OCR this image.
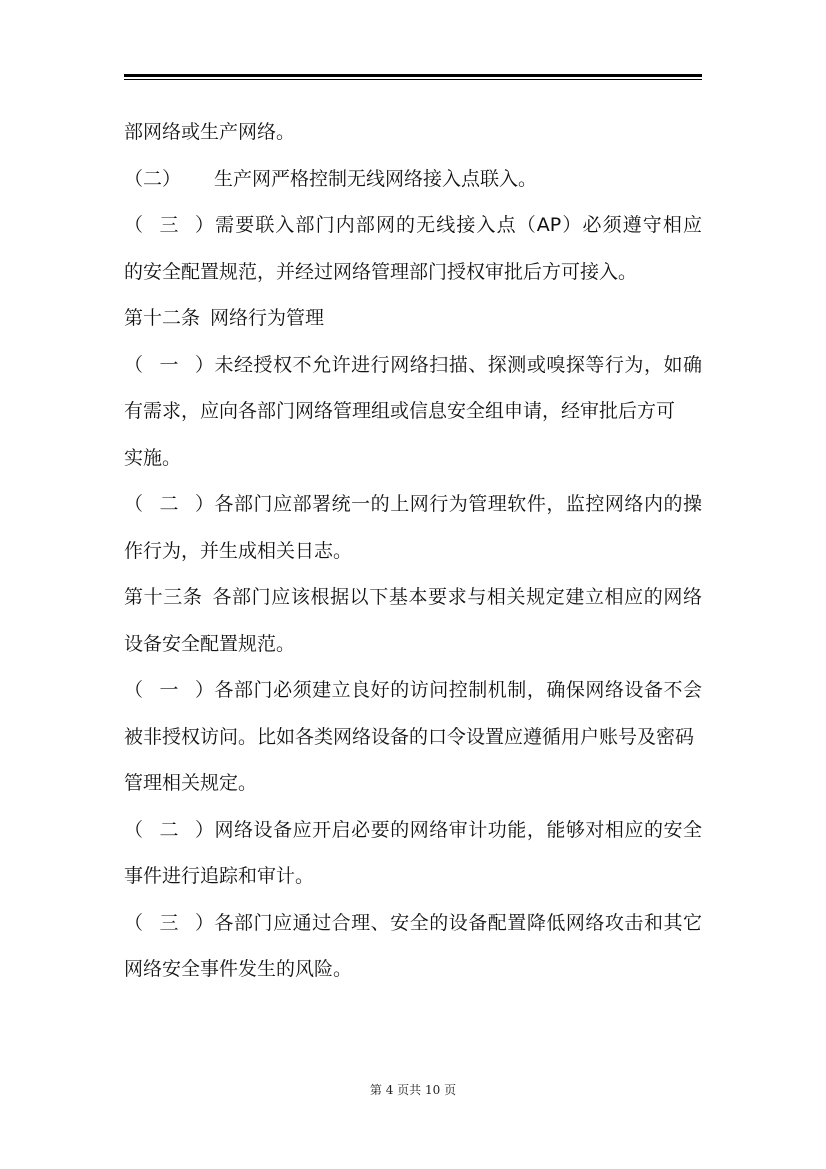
部网络或生产网络。

（二） 生产网严格控制无线网络接入点联入。

（三）需要联入部门内部网的无线接入点（AP）必须遵守相应
的安全配置规范，并经过网络管理部门授权审批后方可接入。

第十二条 网络行为管理

（一）未经授权不允许进行网络扫描、探测或嗅探等行为，如确
有需求，应向各部门网络管理组或信息安全组申请，经审批后方可
实施。

（二）各部门应部署统一的上网行为管理软件，监控网络内的操
作行为，并生成相关日志。

第十三条 各部门应该根据以下基本要求与相关规定建立相应的网络
设备安全配置规范。

（一）各部门必须建立良好的访问控制机制，确保网络设备不会
被非授权访问。比如各类网络设备的口令设置应遵循用户账号及密码
管理相关规定。

（二）网络设备应开启必要的网络审计功能，能够对相应的安全
事件进行追踪和审计。

（三）各部门应通过合理、安全的设备配置降低网络攻击和其它
网络安全事件发生的风险。

第 4 页共 10 页
